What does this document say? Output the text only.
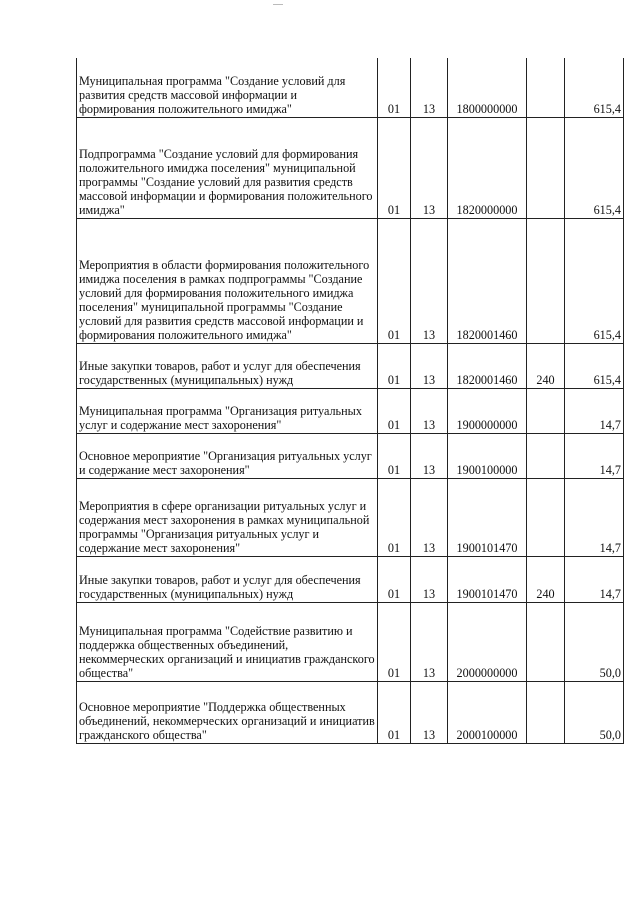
Муниципальная программа "Создание условий для развития средств массовой информации и формирования положительного имиджа"	01	13	1800000000		615,4
Подпрограмма "Создание условий для формирования положительного имиджа поселения" муниципальной программы "Создание условий для развития средств массовой информации и формирования положительного имиджа"	01	13	1820000000		615,4
Мероприятия в области формирования положительного имиджа поселения в рамках подпрограммы "Создание условий для формирования положительного имиджа поселения" муниципальной программы "Создание условий для развития средств массовой информации и формирования положительного имиджа"	01	13	1820001460		615,4
Иные закупки товаров, работ и услуг для обеспечения государственных (муниципальных) нужд	01	13	1820001460	240	615,4
Муниципальная программа "Организация ритуальных услуг и содержание мест захоронения"	01	13	1900000000		14,7
Основное мероприятие "Организация ритуальных услуг и содержание мест захоронения"	01	13	1900100000		14,7
Мероприятия в сфере организации ритуальных услуг и содержания мест захоронения в рамках муниципальной программы "Организация ритуальных услуг и содержание мест захоронения"	01	13	1900101470		14,7
Иные закупки товаров, работ и услуг для обеспечения государственных (муниципальных) нужд	01	13	1900101470	240	14,7
Муниципальная программа "Содействие развитию и поддержка общественных объединений, некоммерческих организаций и инициатив гражданского общества"	01	13	2000000000		50,0
Основное мероприятие "Поддержка общественных объединений, некоммерческих организаций и инициатив гражданского общества"	01	13	2000100000		50,0
